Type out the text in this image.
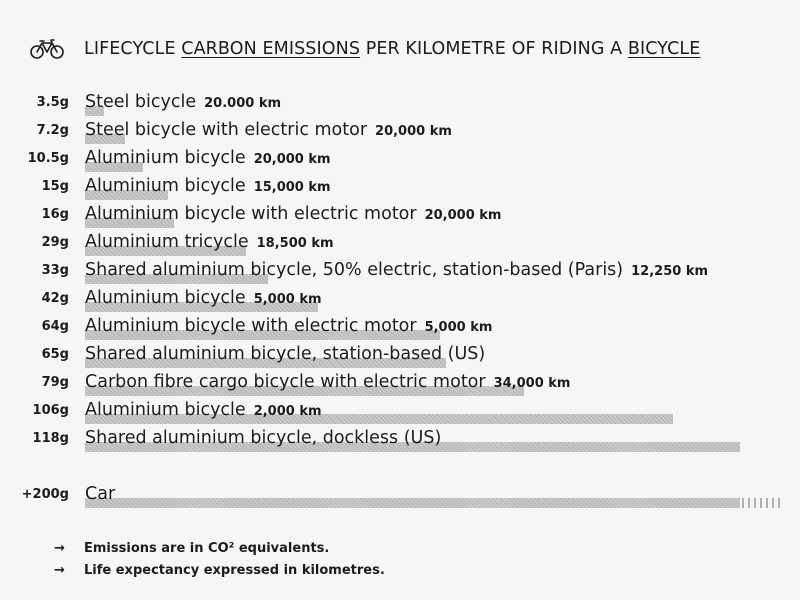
LIFECYCLE CARBON EMISSIONS PER KILOMETRE OF RIDING A BICYCLE
3.5g Steel bicycle 20.000 km
7.2g Steel bicycle with electric motor 20,000 km
10.5g Aluminium bicycle 20,000 km
15g Aluminium bicycle 15,000 km
16g Aluminium bicycle with electric motor 20,000 km
29g Aluminium tricycle 18,500 km
33g Shared aluminium bicycle, 50% electric, station-based (Paris) 12,250 km
42g Aluminium bicycle 5,000 km
64g Aluminium bicycle with electric motor 5,000 km
65g Shared aluminium bicycle, station-based (US)
79g Carbon fibre cargo bicycle with electric motor 34,000 km
106g Aluminium bicycle 2,000 km
118g Shared aluminium bicycle, dockless (US)
+200g Car
→	Emissions are in CO² equivalents.
→	Life expectancy expressed in kilometres.
